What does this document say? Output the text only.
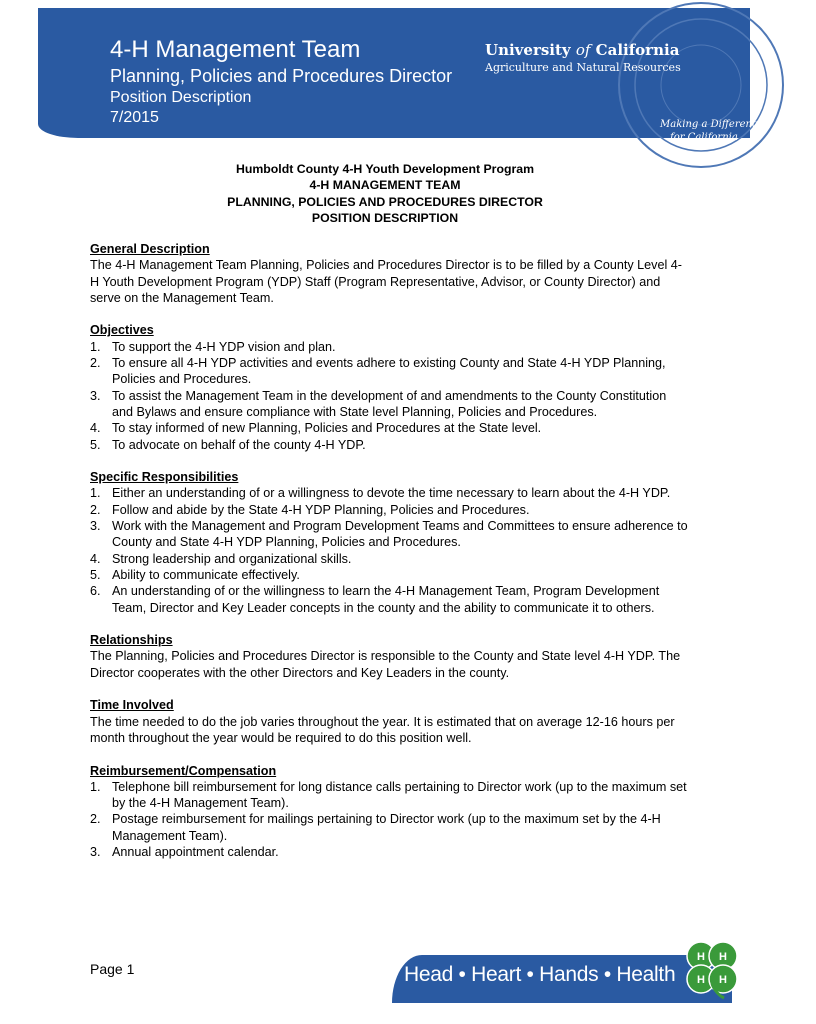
4-H Management Team
Planning, Policies and Procedures Director
Position Description
7/2015
University of California
Agriculture and Natural Resources
Making a Difference
for California
Humboldt County 4-H Youth Development Program
4-H MANAGEMENT TEAM
PLANNING, POLICIES AND PROCEDURES DIRECTOR
POSITION DESCRIPTION
General Description
The 4-H Management Team Planning, Policies and Procedures Director is to be filled by a County Level 4-H Youth Development Program (YDP) Staff (Program Representative, Advisor, or County Director) and serve on the Management Team.
Objectives
1. To support the 4-H YDP vision and plan.
2. To ensure all 4-H YDP activities and events adhere to existing County and State 4-H YDP Planning, Policies and Procedures.
3. To assist the Management Team in the development of and amendments to the County Constitution and Bylaws and ensure compliance with State level Planning, Policies and Procedures.
4. To stay informed of new Planning, Policies and Procedures at the State level.
5. To advocate on behalf of the county 4-H YDP.
Specific Responsibilities
1. Either an understanding of or a willingness to devote the time necessary to learn about the 4-H YDP.
2. Follow and abide by the State 4-H YDP Planning, Policies and Procedures.
3. Work with the Management and Program Development Teams and Committees to ensure adherence to County and State 4-H YDP Planning, Policies and Procedures.
4. Strong leadership and organizational skills.
5. Ability to communicate effectively.
6. An understanding of or the willingness to learn the 4-H Management Team, Program Development Team, Director and Key Leader concepts in the county and the ability to communicate it to others.
Relationships
The Planning, Policies and Procedures Director is responsible to the County and State level 4-H YDP. The Director cooperates with the other Directors and Key Leaders in the county.
Time Involved
The time needed to do the job varies throughout the year. It is estimated that on average 12-16 hours per month throughout the year would be required to do this position well.
Reimbursement/Compensation
1. Telephone bill reimbursement for long distance calls pertaining to Director work (up to the maximum set by the 4-H Management Team).
2. Postage reimbursement for mailings pertaining to Director work (up to the maximum set by the 4-H Management Team).
3. Annual appointment calendar.
Page 1	Head • Heart • Hands • Health
H H
H H
